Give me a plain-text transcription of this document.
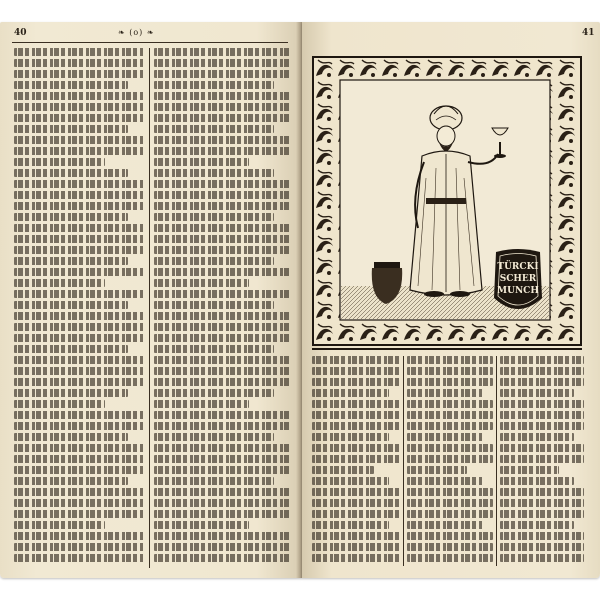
40	❧ (o) ❧	41
TÜRCKI
SCHER
MUNCH
